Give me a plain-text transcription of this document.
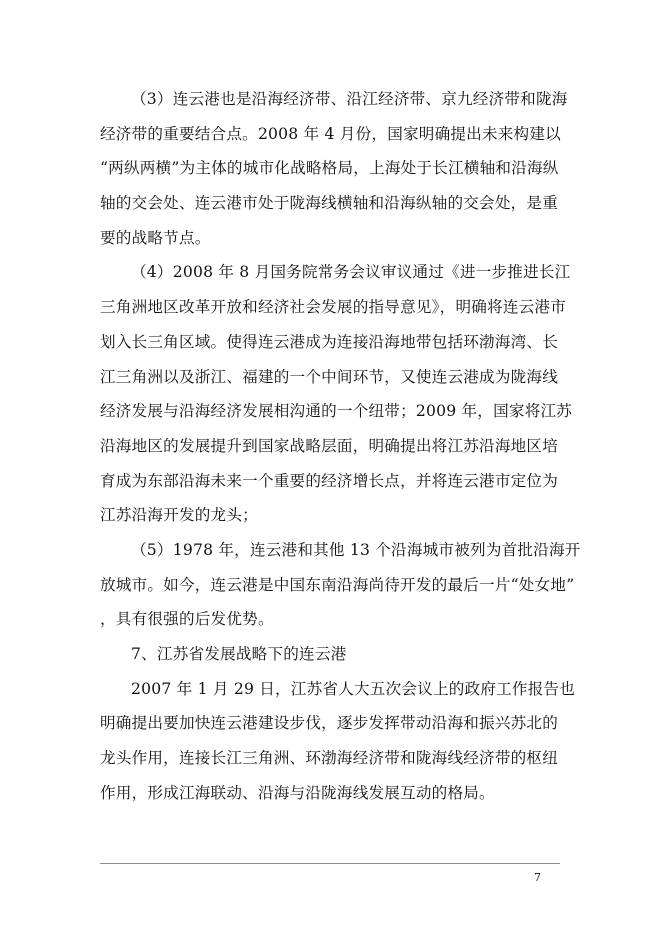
（3）连云港也是沿海经济带、沿江经济带、京九经济带和陇海
经济带的重要结合点。2008 年 4 月份，国家明确提出未来构建以
“两纵两横”为主体的城市化战略格局，上海处于长江横轴和沿海纵
轴的交会处、连云港市处于陇海线横轴和沿海纵轴的交会处，是重
要的战略节点。
（4）2008 年 8 月国务院常务会议审议通过《进一步推进长江
三角洲地区改革开放和经济社会发展的指导意见》，明确将连云港市
划入长三角区域。使得连云港成为连接沿海地带包括环渤海湾、长
江三角洲以及浙江、福建的一个中间环节，又使连云港成为陇海线
经济发展与沿海经济发展相沟通的一个纽带；2009 年，国家将江苏
沿海地区的发展提升到国家战略层面，明确提出将江苏沿海地区培
育成为东部沿海未来一个重要的经济增长点，并将连云港市定位为
江苏沿海开发的龙头；
（5）1978 年，连云港和其他 13 个沿海城市被列为首批沿海开
放城市。如今，连云港是中国东南沿海尚待开发的最后一片“处女地”
，具有很强的后发优势。
7、江苏省发展战略下的连云港
2007 年 1 月 29 日，江苏省人大五次会议上的政府工作报告也
明确提出要加快连云港建设步伐，逐步发挥带动沿海和振兴苏北的
龙头作用，连接长江三角洲、环渤海经济带和陇海线经济带的枢纽
作用，形成江海联动、沿海与沿陇海线发展互动的格局。
7
